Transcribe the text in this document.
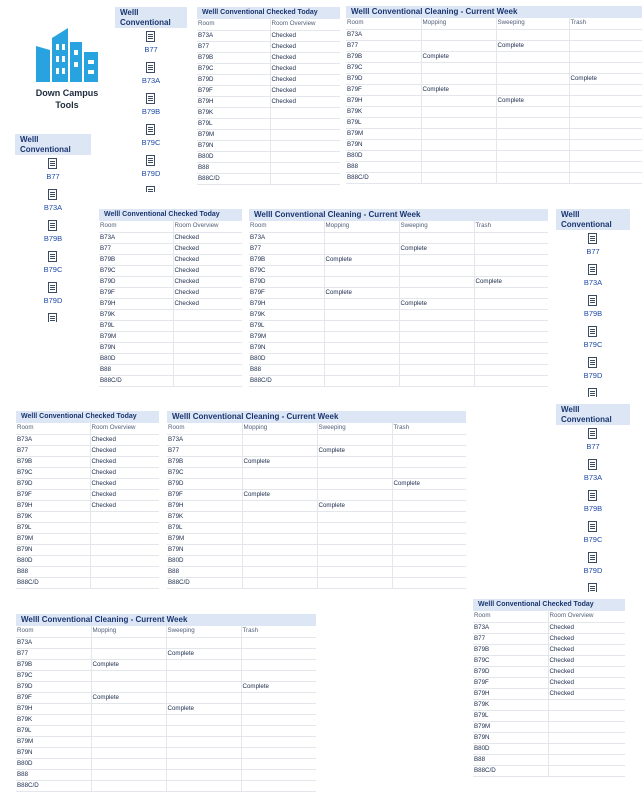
Down Campus
Tools
Welll
Conventional
B77
B73A
B79B
B79C
B79D
Welll
Conventional
B77
B73A
B79B
B79C
B79D
Welll
Conventional
B77
B73A
B79B
B79C
B79D
Welll
Conventional
B77
B73A
B79B
B79C
B79D
Welll Conventional Checked Today
Room	Room Overview
B73A	Checked
B77	Checked
B79B	Checked
B79C	Checked
B79D	Checked
B79F	Checked
B79H	Checked
B79K	
B79L	
B79M	
B79N	
B80D	
B88	
B88C/D	
Welll Conventional Checked Today
Room	Room Overview
B73A	Checked
B77	Checked
B79B	Checked
B79C	Checked
B79D	Checked
B79F	Checked
B79H	Checked
B79K	
B79L	
B79M	
B79N	
B80D	
B88	
B88C/D	
Welll Conventional Checked Today
Room	Room Overview
B73A	Checked
B77	Checked
B79B	Checked
B79C	Checked
B79D	Checked
B79F	Checked
B79H	Checked
B79K	
B79L	
B79M	
B79N	
B80D	
B88	
B88C/D	
Welll Conventional Checked Today
Room	Room Overview
B73A	Checked
B77	Checked
B79B	Checked
B79C	Checked
B79D	Checked
B79F	Checked
B79H	Checked
B79K	
B79L	
B79M	
B79N	
B80D	
B88	
B88C/D	
Welll Conventional Cleaning - Current Week
Room	Mopping	Sweeping	Trash
B73A			
B77		Complete	
B79B	Complete		
B79C			
B79D			Complete
B79F	Complete		
B79H		Complete	
B79K			
B79L			
B79M			
B79N			
B80D			
B88			
B88C/D			
Welll Conventional Cleaning - Current Week
Room	Mopping	Sweeping	Trash
B73A			
B77		Complete	
B79B	Complete		
B79C			
B79D			Complete
B79F	Complete		
B79H		Complete	
B79K			
B79L			
B79M			
B79N			
B80D			
B88			
B88C/D			
Welll Conventional Cleaning - Current Week
Room	Mopping	Sweeping	Trash
B73A			
B77		Complete	
B79B	Complete		
B79C			
B79D			Complete
B79F	Complete		
B79H		Complete	
B79K			
B79L			
B79M			
B79N			
B80D			
B88			
B88C/D			
Welll Conventional Cleaning - Current Week
Room	Mopping	Sweeping	Trash
B73A			
B77		Complete	
B79B	Complete		
B79C			
B79D			Complete
B79F	Complete		
B79H		Complete	
B79K			
B79L			
B79M			
B79N			
B80D			
B88			
B88C/D			
